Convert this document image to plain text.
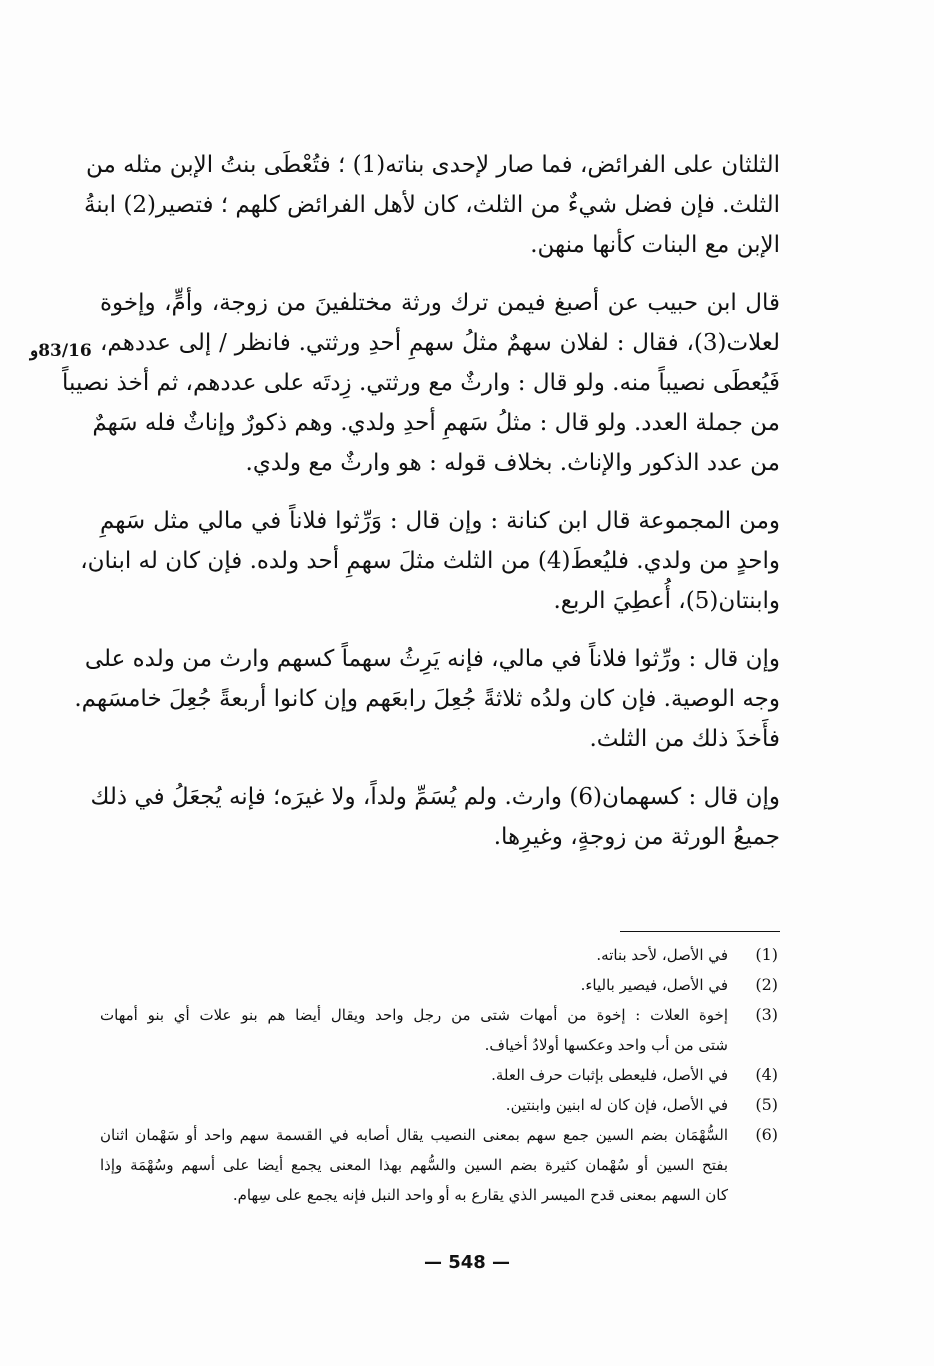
83/16و

الثلثان على الفرائض، فما صار لإحدى بناته(1) ؛ فتُعْطَى بنتُ الإبن مثله من
الثلث. فإن فضل شيءٌ من الثلث، كان لأهل الفرائض كلهم ؛ فتصير(2) ابنةُ
الإبن مع البنات كأنها منهن.

قال ابن حبيب عن أصبغ فيمن ترك ورثة مختلفينَ من زوجة، وأمٍّ، وإخوة
لعلات(3)، فقال : لفلان سهمٌ مثلُ سهمِ أحدِ ورثتي. فانظر / إلى عددهم،
فَيُعطَى نصيباً منه. ولو قال : وارثٌ مع ورثتي. زِدتَه على عددهم، ثم أخذ نصيباً
من جملة العدد. ولو قال : مثلُ سَهمِ أحدِ ولدي. وهم ذكورٌ وإناثٌ فله سَهمٌ
من عدد الذكور والإناث. بخلاف قوله : هو وارثٌ مع ولدي.

ومن المجموعة قال ابن كنانة : وإن قال : وَرِّثوا فلاناً في مالي مثل سَهمِ
واحدٍ من ولدي. فليُعطَ(4) من الثلث مثلَ سهمِ أحد ولده. فإن كان له ابنان،
وابنتان(5)، أُعطِيَ الربع.

وإن قال : ورِّثوا فلاناً في مالي، فإنه يَرِثُ سهماً كسهم وارث من ولده على
وجه الوصية. فإن كان ولدُه ثلاثةً جُعِلَ رابعَهم وإن كانوا أربعةً جُعِلَ خامسَهم.
فأَخذَ ذلك من الثلث.

وإن قال : كسهمان(6) وارث. ولم يُسَمِّ ولداً، ولا غيرَه؛ فإنه يُجعَلُ في ذلك
جميعُ الورثة من زوجةٍ، وغيرِها.

(1)
في الأصل، لأحد بناته.
(2)
في الأصل، فيصير بالياء.
(3)
إخوة العلات : إخوة من أمهات شتى من رجل واحد ويقال أيضا هم بنو علات أي بنو أمهات
شتى من أب واحد وعكسها أولادُ أخياف.
(4)
في الأصل، فليعطى بإثبات حرف العلة.
(5)
في الأصل، فإن كان له ابنين وابنتين.
(6)
السُّهْمَان بضم السين جمع سهم بمعنى النصيب يقال أصابه في القسمة سهم واحد أو سَهْمان اثنان
بفتح السين أو سُهْمان كثيرة بضم السين والسُّهم بهذا المعنى يجمع أيضا على أسهم وسُهْمَة وإذا
كان السهم بمعنى قدح الميسر الذي يقارع به أو واحد النبل فإنه يجمع على سِهام.
— 548 —
